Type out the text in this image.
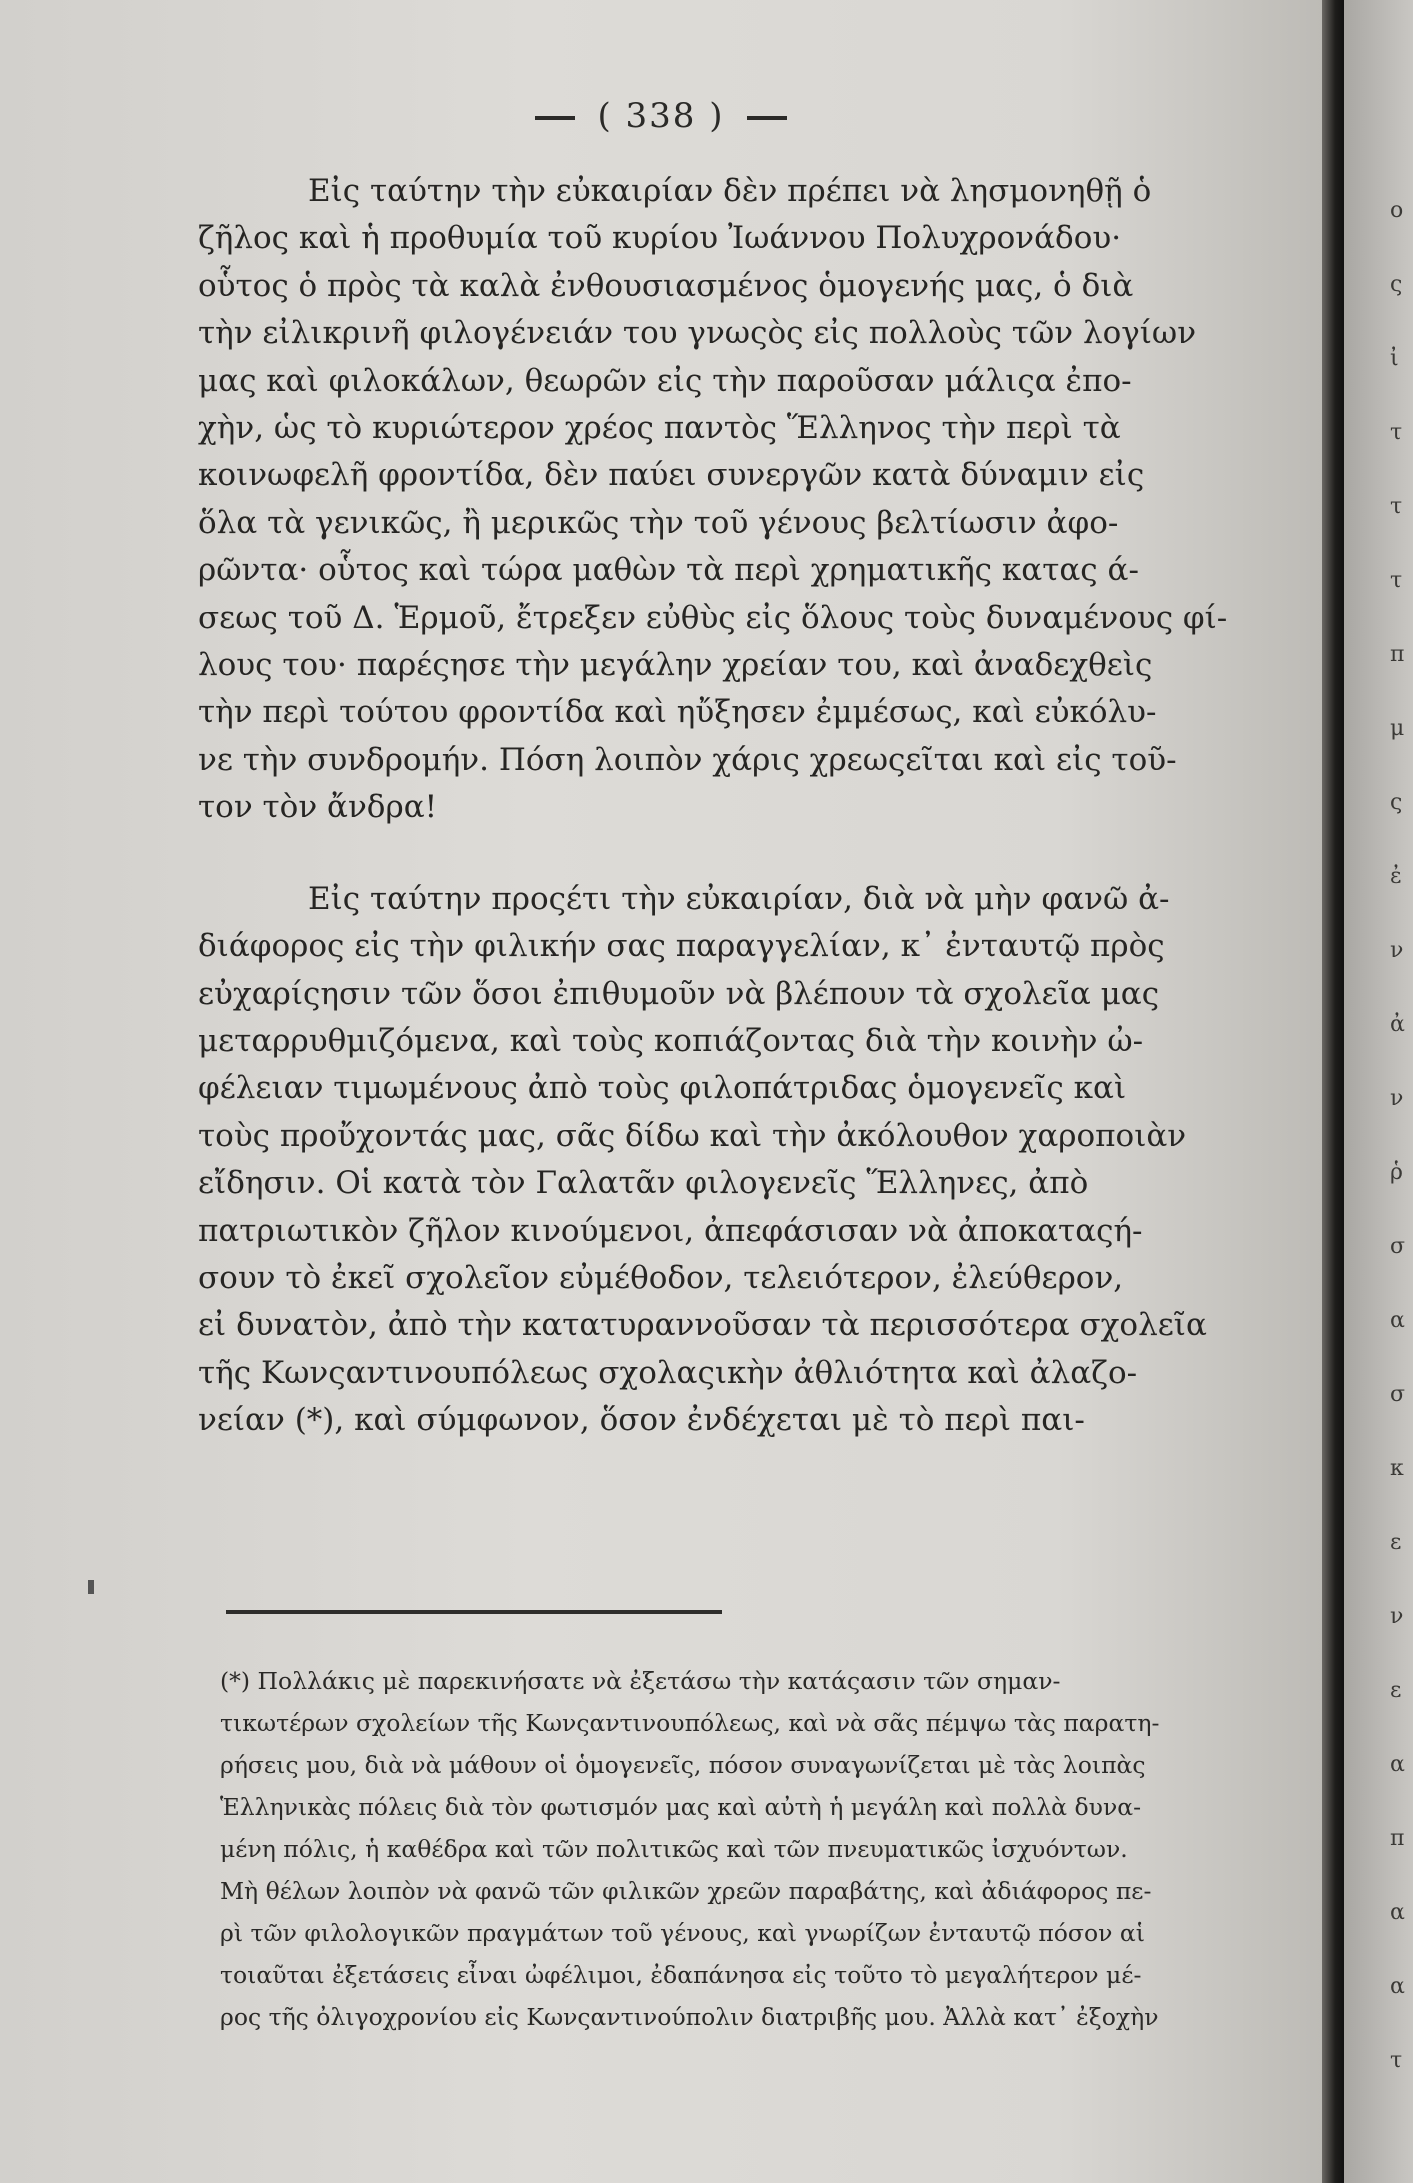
( 338 )

Εἰς ταύτην τὴν εὐκαιρίαν δὲν πρέπει νὰ λησμονηθῇ ὁ
ζῆλος καὶ ἡ προθυμία τοῦ κυρίου Ἰωάννου Πολυχρονάδου·
οὗτος ὁ πρὸς τὰ καλὰ ἐνθουσιασμένος ὁμογενής μας, ὁ διὰ
τὴν εἰλικρινῆ φιλογένειάν του γνωςὸς εἰς πολλοὺς τῶν λογίων
μας καὶ φιλοκάλων, θεωρῶν εἰς τὴν παροῦσαν μάλιςα ἐπο-
χὴν, ὡς τὸ κυριώτερον χρέος παντὸς Ἕλληνος τὴν περὶ τὰ
κοινωφελῆ φροντίδα, δὲν παύει συνεργῶν κατὰ δύναμιν εἰς
ὅλα τὰ γενικῶς, ἢ μερικῶς τὴν τοῦ γένους βελτίωσιν ἀφο-
ρῶντα· οὗτος καὶ τώρα μαθὼν τὰ περὶ χρηματικῆς κατας ά-
σεως τοῦ Δ. Ἑρμοῦ, ἔτρεξεν εὐθὺς εἰς ὅλους τοὺς δυναμένους φί-
λους του· παρέςησε τὴν μεγάλην χρείαν του, καὶ ἀναδεχθεὶς
τὴν περὶ τούτου φροντίδα καὶ ηὔξησεν ἐμμέσως, καὶ εὐκόλυ-
νε τὴν συνδρομήν. Πόση λοιπὸν χάρις χρεωςεῖται καὶ εἰς τοῦ-
τον τὸν ἄνδρα!

Εἰς ταύτην προςέτι τὴν εὐκαιρίαν, διὰ νὰ μὴν φανῶ ἀ-
διάφορος εἰς τὴν φιλικήν σας παραγγελίαν, κ᾽ ἐνταυτῷ πρὸς
εὐχαρίςησιν τῶν ὅσοι ἐπιθυμοῦν νὰ βλέπουν τὰ σχολεῖα μας
μεταρρυθμιζόμενα, καὶ τοὺς κοπιάζοντας διὰ τὴν κοινὴν ὠ-
φέλειαν τιμωμένους ἀπὸ τοὺς φιλοπάτριδας ὁμογενεῖς καὶ
τοὺς προὔχοντάς μας, σᾶς δίδω καὶ τὴν ἀκόλουθον χαροποιὰν
εἴδησιν. Οἱ κατὰ τὸν Γαλατᾶν φιλογενεῖς Ἕλληνες, ἀπὸ
πατριωτικὸν ζῆλον κινούμενοι, ἀπεφάσισαν νὰ ἀποκαταςή-
σουν τὸ ἐκεῖ σχολεῖον εὐμέθοδον, τελειότερον, ἐλεύθερον,
εἰ δυνατὸν, ἀπὸ τὴν κατατυραννοῦσαν τὰ περισσότερα σχολεῖα
τῆς Κωνςαντινουπόλεως σχολαςικὴν ἀθλιότητα καὶ ἀλαζο-
νείαν (*), καὶ σύμφωνον, ὅσον ἐνδέχεται μὲ τὸ περὶ παι-

(*) Πολλάκις μὲ παρεκινήσατε νὰ ἐξετάσω τὴν κατάςασιν τῶν σημαν-
τικωτέρων σχολείων τῆς Κωνςαντινουπόλεως, καὶ νὰ σᾶς πέμψω τὰς παρατη-
ρήσεις μου, διὰ νὰ μάθουν οἱ ὁμογενεῖς, πόσον συναγωνίζεται μὲ τὰς λοιπὰς
Ἑλληνικὰς πόλεις διὰ τὸν φωτισμόν μας καὶ αὐτὴ ἡ μεγάλη καὶ πολλὰ δυνα-
μένη πόλις, ἡ καθέδρα καὶ τῶν πολιτικῶς καὶ τῶν πνευματικῶς ἰσχυόντων.
Μὴ θέλων λοιπὸν νὰ φανῶ τῶν φιλικῶν χρεῶν παραβάτης, καὶ ἀδιάφορος πε-
ρὶ τῶν φιλολογικῶν πραγμάτων τοῦ γένους, καὶ γνωρίζων ἐνταυτῷ πόσον αἱ
τοιαῦται ἐξετάσεις εἶναι ὠφέλιμοι, ἐδαπάνησα εἰς τοῦτο τὸ μεγαλήτερον μέ-
ρος τῆς ὀλιγοχρονίου εἰς Κωνςαντινούπολιν διατριβῆς μου. Ἀλλὰ κατ᾽ ἐξοχὴν
ο
ς
ἰ
τ
τ
τ
π
μ
ς
ἐ
ν
ἀ
ν
ῥ
σ
α
σ
κ
ε
ν
ε
α
π
α
α
τ
